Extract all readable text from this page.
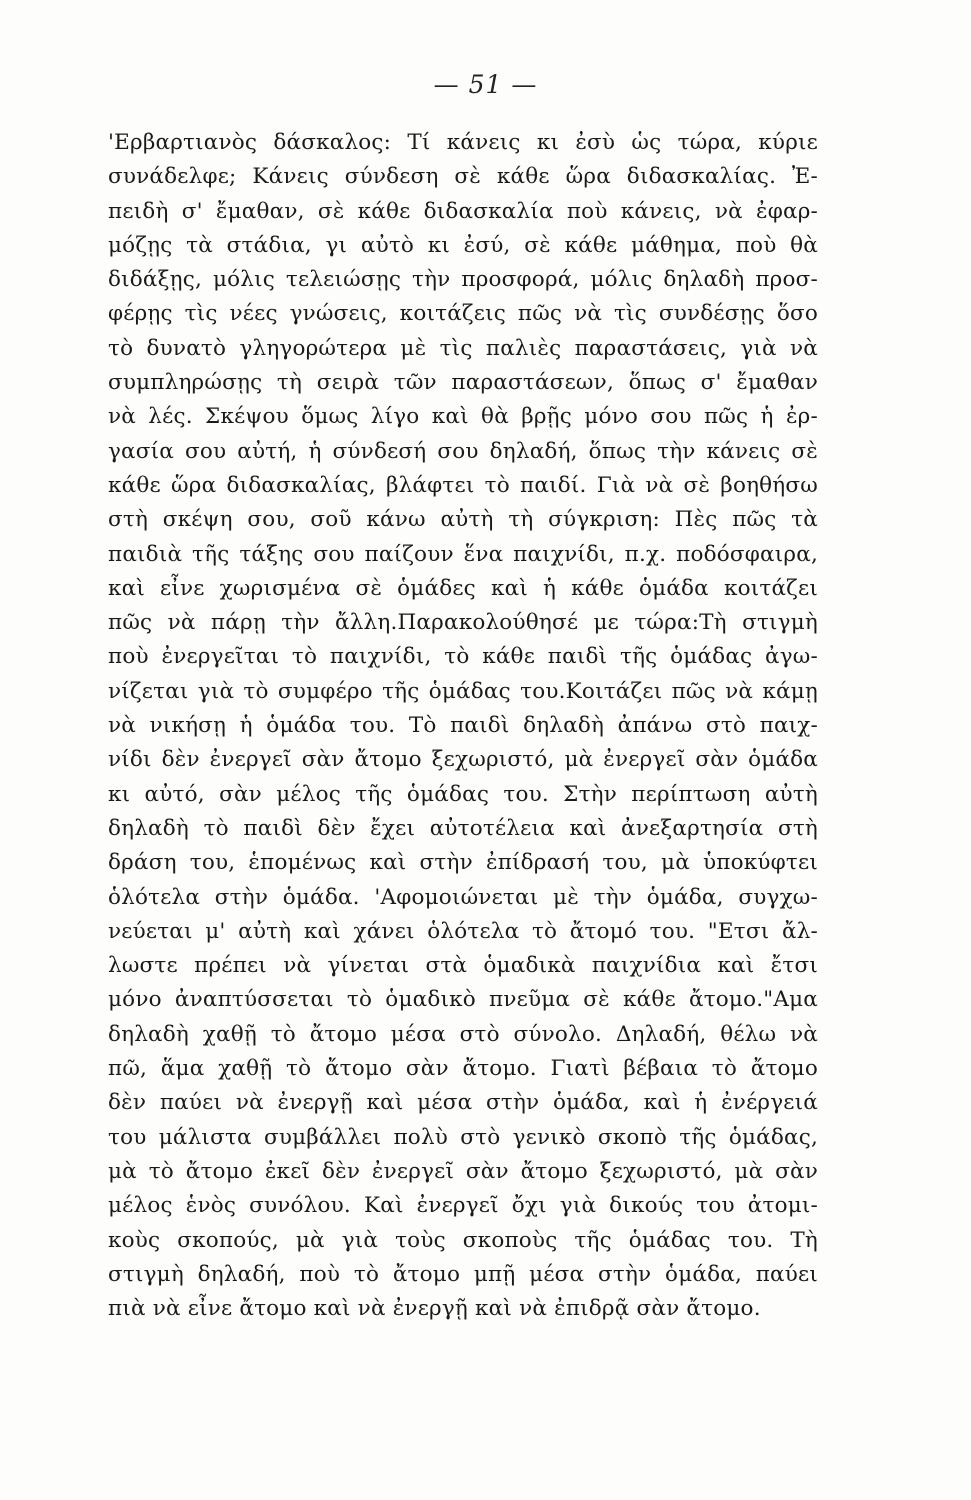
— 51 —
'Ερβαρτιανὸς δάσκαλος: Τί κάνεις κι ἐσὺ ὡς τώρα, κύριε
συνάδελφε; Κάνεις σύνδεση σὲ κάθε ὥρα διδασκαλίας. Ἐ-
πειδὴ σ' ἔμαθαν, σὲ κάθε διδασκαλία ποὺ κάνεις, νὰ ἐφαρ-
μόζῃς τὰ στάδια, γι αὐτὸ κι ἐσύ, σὲ κάθε μάθημα, ποὺ θὰ
διδάξῃς, μόλις τελειώσῃς τὴν προσφορά, μόλις δηλαδὴ προσ-
φέρῃς τὶς νέες γνώσεις, κοιτάζεις πῶς νὰ τὶς συνδέσῃς ὅσο
τὸ δυνατὸ γληγορώτερα μὲ τὶς παλιὲς παραστάσεις, γιὰ νὰ
συμπληρώσῃς τὴ σειρὰ τῶν παραστάσεων, ὅπως σ' ἔμαθαν
νὰ λές. Σκέψου ὅμως λίγο καὶ θὰ βρῇς μόνο σου πῶς ἡ ἐρ-
γασία σου αὐτή, ἡ σύνδεσή σου δηλαδή, ὅπως τὴν κάνεις σὲ
κάθε ὥρα διδασκαλίας, βλάφτει τὸ παιδί. Γιὰ νὰ σὲ βοηθήσω
στὴ σκέψη σου, σοῦ κάνω αὐτὴ τὴ σύγκριση: Πὲς πῶς τὰ
παιδιὰ τῆς τάξης σου παίζουν ἕνα παιχνίδι, π.χ. ποδόσφαιρα,
καὶ εἶνε χωρισμένα σὲ ὁμάδες καὶ ἡ κάθε ὁμάδα κοιτάζει
πῶς νὰ πάρῃ τὴν ἄλλη.Παρακολούθησέ με τώρα:Τὴ στιγμὴ
ποὺ ἐνεργεῖται τὸ παιχνίδι, τὸ κάθε παιδὶ τῆς ὁμάδας ἀγω-
νίζεται γιὰ τὸ συμφέρο τῆς ὁμάδας του.Κοιτάζει πῶς νὰ κάμῃ
νὰ νικήσῃ ἡ ὁμάδα του. Τὸ παιδὶ δηλαδὴ ἀπάνω στὸ παιχ-
νίδι δὲν ἐνεργεῖ σὰν ἄτομο ξεχωριστό, μὰ ἐνεργεῖ σὰν ὁμάδα
κι αὐτό, σὰν μέλος τῆς ὁμάδας του. Στὴν περίπτωση αὐτὴ
δηλαδὴ τὸ παιδὶ δὲν ἔχει αὐτοτέλεια καὶ ἀνεξαρτησία στὴ
δράση του, ἑπομένως καὶ στὴν ἐπίδρασή του, μὰ ὑποκύφτει
ὁλότελα στὴν ὁμάδα. 'Αφομοιώνεται μὲ τὴν ὁμάδα, συγχω-
νεύεται μ' αὐτὴ καὶ χάνει ὁλότελα τὸ ἄτομό του. "Ετσι ἄλ-
λωστε πρέπει νὰ γίνεται στὰ ὁμαδικὰ παιχνίδια καὶ ἔτσι
μόνο ἀναπτύσσεται τὸ ὁμαδικὸ πνεῦμα σὲ κάθε ἄτομο."Αμα
δηλαδὴ χαθῇ τὸ ἄτομο μέσα στὸ σύνολο. Δηλαδή, θέλω νὰ
πῶ, ἅμα χαθῇ τὸ ἄτομο σὰν ἄτομο. Γιατὶ βέβαια τὸ ἄτομο
δὲν παύει νὰ ἐνεργῇ καὶ μέσα στὴν ὁμάδα, καὶ ἡ ἐνέργειά
του μάλιστα συμβάλλει πολὺ στὸ γενικὸ σκοπὸ τῆς ὁμάδας,
μὰ τὸ ἄτομο ἐκεῖ δὲν ἐνεργεῖ σὰν ἄτομο ξεχωριστό, μὰ σὰν
μέλος ἑνὸς συνόλου. Καὶ ἐνεργεῖ ὄχι γιὰ δικούς του ἀτομι-
κοὺς σκοπούς, μὰ γιὰ τοὺς σκοποὺς τῆς ὁμάδας του. Τὴ
στιγμὴ δηλαδή, ποὺ τὸ ἄτομο μπῇ μέσα στὴν ὁμάδα, παύει
πιὰ νὰ εἶνε ἄτομο καὶ νὰ ἐνεργῇ καὶ νὰ ἐπιδρᾷ σὰν ἄτομο.
